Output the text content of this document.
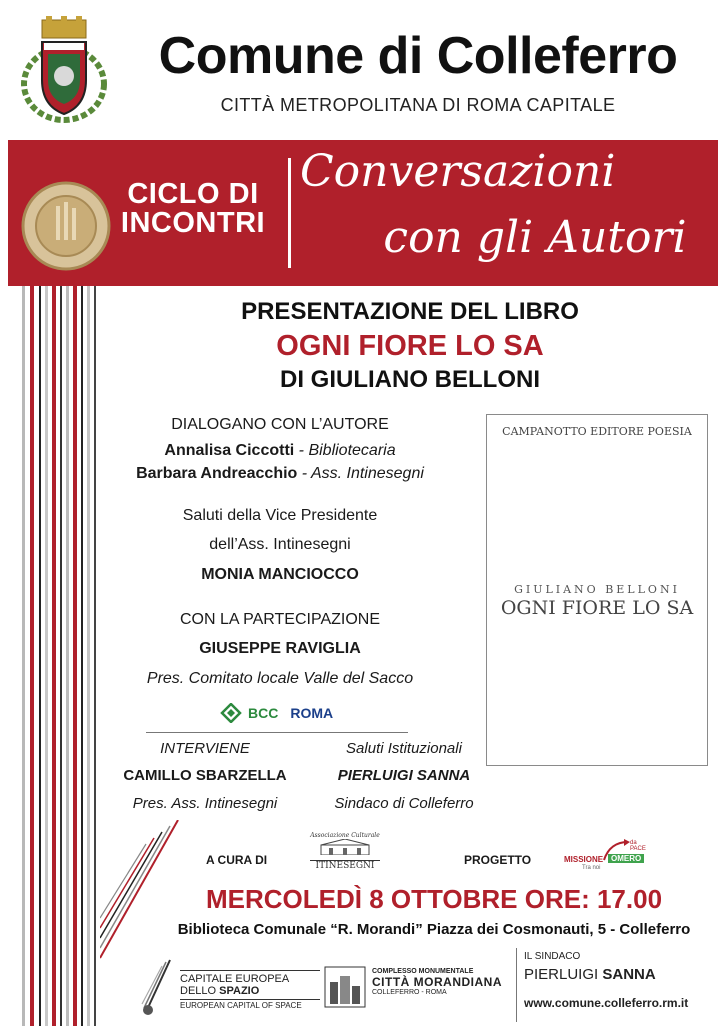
Comune di Colleferro
CITTÀ METROPOLITANA DI ROMA CAPITALE
CICLO DI
INCONTRI
Conversazioni
con gli Autori
PRESENTAZIONE DEL LIBRO
OGNI FIORE LO SA
DI GIULIANO BELLONI
DIALOGANO CON L’AUTORE
Annalisa Ciccotti - Bibliotecaria
Barbara Andreacchio - Ass. Intinesegni
Saluti della Vice Presidente
dell’Ass. Intinesegni
MONIA MANCIOCCO
CON LA PARTECIPAZIONE
GIUSEPPE RAVIGLIA
Pres. Comitato locale Valle del Sacco
BCC ROMA
INTERVIENE
CAMILLO SBARZELLA
Pres. Ass. Intinesegni
Saluti Istituzionali
PIERLUIGI SANNA
Sindaco di Colleferro
CAMPANOTTO EDITORE POESIA
GIULIANO BELLONI
OGNI FIORE LO SA
A CURA DI
Associazione Culturale
ITINESEGNI	PROGETTO
da PACE
MISSIONE OMERO
Tra noi
MERCOLEDÌ 8 OTTOBRE ORE: 17.00
Biblioteca Comunale “R. Morandi” Piazza dei Cosmonauti, 5 - Colleferro
CAPITALE EUROPEA
DELLO SPAZIO
EUROPEAN CAPITAL OF SPACE
COMPLESSO MONUMENTALE
CITTÀ MORANDIANA
COLLEFERRO - ROMA
IL SINDACO
PIERLUIGI SANNA
www.comune.colleferro.rm.it
